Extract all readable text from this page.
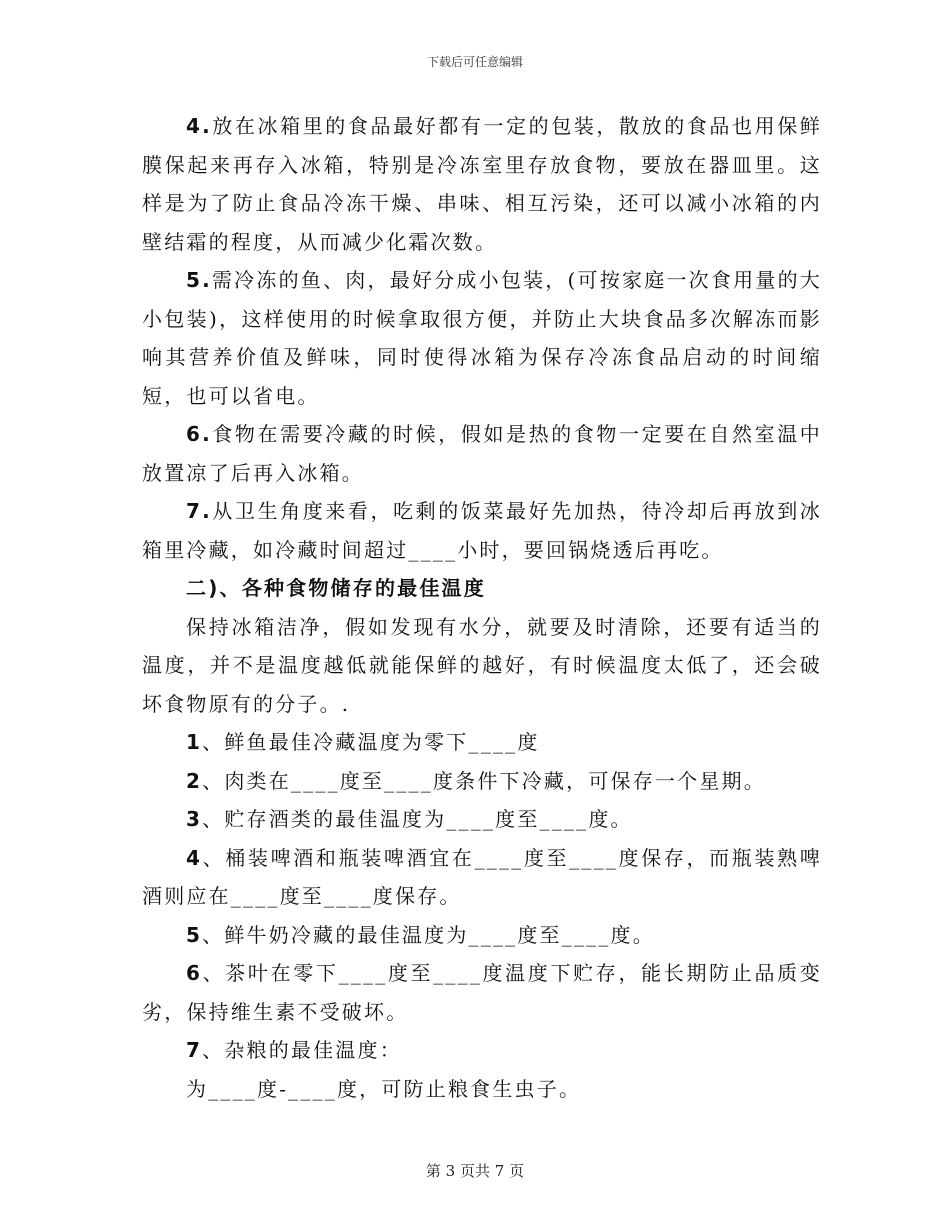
下载后可任意编辑

4.放在冰箱里的食品最好都有一定的包装，散放的食品也用保鲜膜保起来再存入冰箱，特别是冷冻室里存放食物，要放在器皿里。这样是为了防止食品冷冻干燥、串味、相互污染，还可以减小冰箱的内壁结霜的程度，从而减少化霜次数。

5.需冷冻的鱼、肉，最好分成小包装，(可按家庭一次食用量的大小包装)，这样使用的时候拿取很方便，并防止大块食品多次解冻而影响其营养价值及鲜味，同时使得冰箱为保存冷冻食品启动的时间缩短，也可以省电。

6.食物在需要冷藏的时候，假如是热的食物一定要在自然室温中放置凉了后再入冰箱。

7.从卫生角度来看，吃剩的饭菜最好先加热，待冷却后再放到冰箱里冷藏，如冷藏时间超过____小时，要回锅烧透后再吃。

二)、各种食物储存的最佳温度

保持冰箱洁净，假如发现有水分，就要及时清除，还要有适当的温度，并不是温度越低就能保鲜的越好，有时候温度太低了，还会破坏食物原有的分子。.

1、鲜鱼最佳冷藏温度为零下____度

2、肉类在____度至____度条件下冷藏，可保存一个星期。

3、贮存酒类的最佳温度为____度至____度。

4、桶装啤酒和瓶装啤酒宜在____度至____度保存，而瓶装熟啤酒则应在____度至____度保存。

5、鲜牛奶冷藏的最佳温度为____度至____度。

6、茶叶在零下____度至____度温度下贮存，能长期防止品质变劣，保持维生素不受破坏。

7、杂粮的最佳温度：

为____度-____度，可防止粮食生虫子。

第 3 页共 7 页
